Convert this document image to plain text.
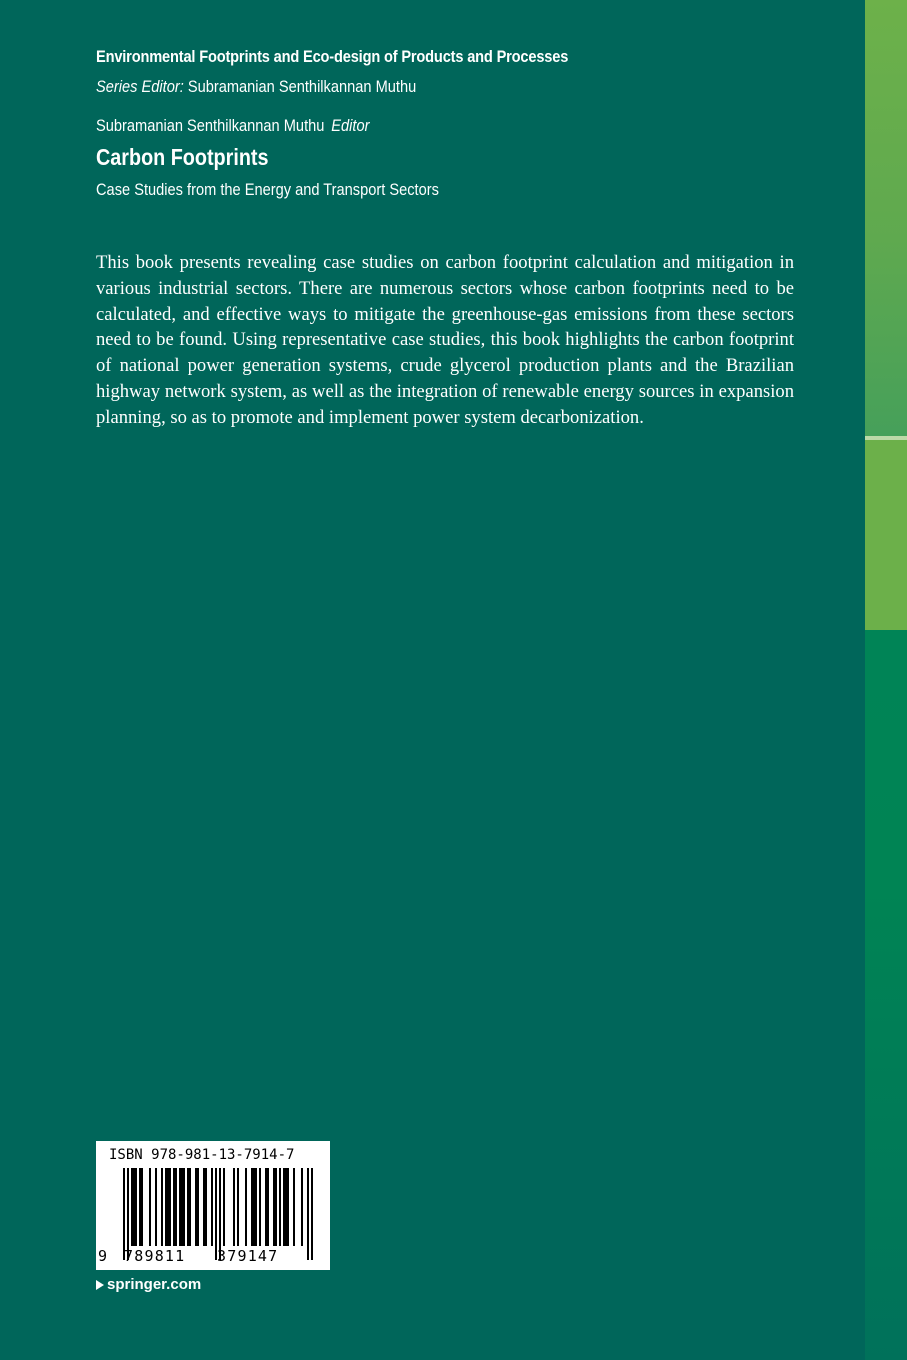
Environmental Footprints and Eco-design of Products and Processes
Series Editor: Subramanian Senthilkannan Muthu
Subramanian Senthilkannan Muthu Editor
Carbon Footprints
Case Studies from the Energy and Transport Sectors

This book presents revealing case studies on carbon footprint calculation and mitigation in various industrial sectors. There are numerous sectors whose carbon footprints need to be calculated, and effective ways to mitigate the greenhouse-gas emissions from these sectors need to be found. Using representative case studies, this book highlights the carbon footprint of national power generation systems, crude glycerol production plants and the Brazilian highway network system, as well as the integration of renewable energy sources in expansion planning, so as to promote and implement power system decarbonization.

ISBN 978-981-13-7914-7
9 789811	379147
springer.com
